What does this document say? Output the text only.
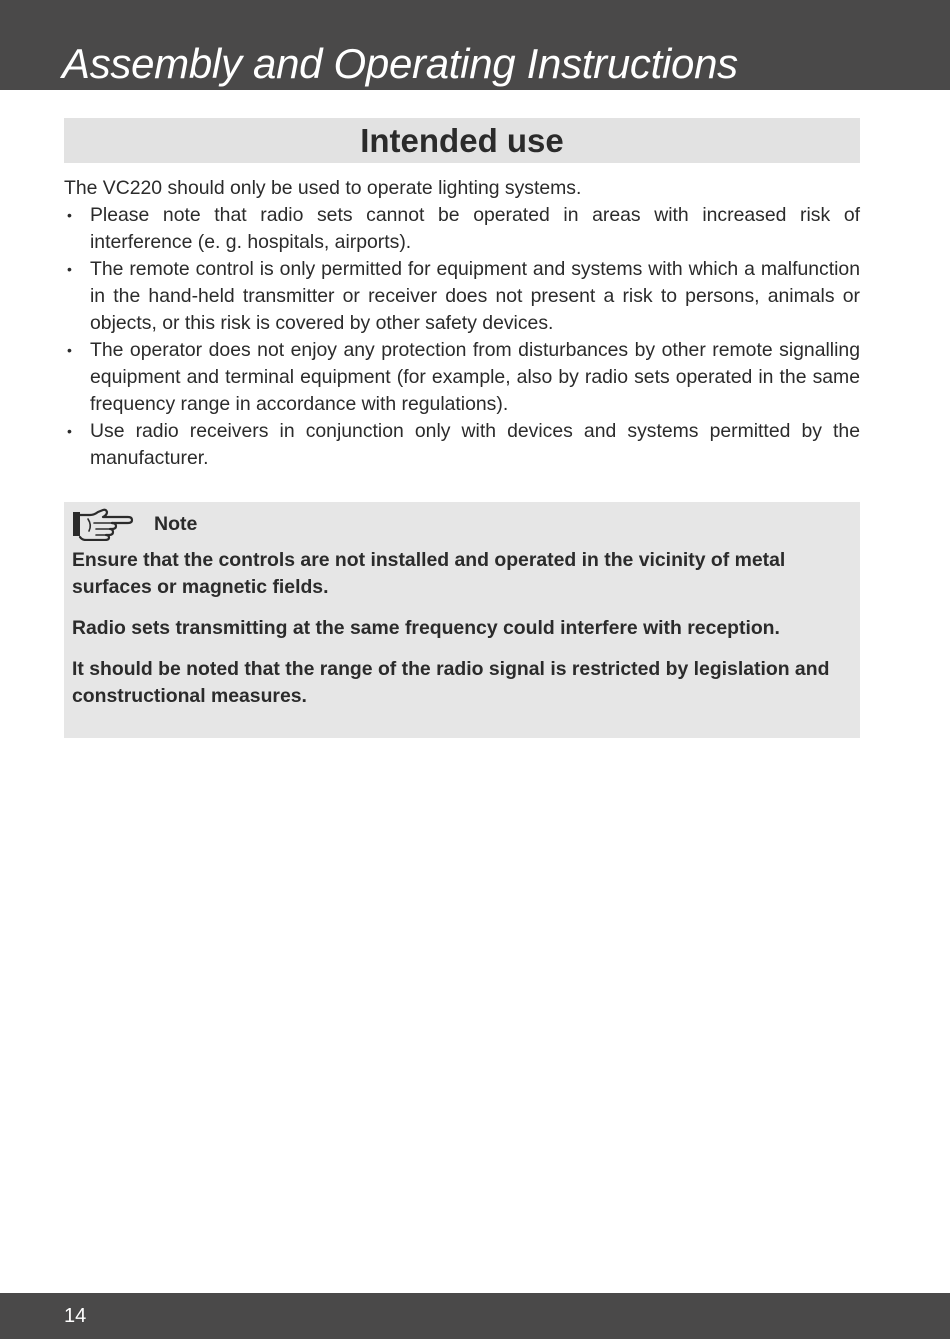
Assembly and Operating Instructions
Intended use

The VC220 should only be used to operate lighting systems.

• Please note that radio sets cannot be operated in areas with increased risk of interference (e. g. hospitals, airports).
• The remote control is only permitted for equipment and systems with which a malfunction in the hand-held transmitter or receiver does not present a risk to persons, animals or objects, or this risk is covered by other safety devices.
• The operator does not enjoy any protection from disturbances by other remote signalling equipment and terminal equipment (for example, also by radio sets operated in the same frequency range in accordance with regulations).
• Use radio receivers in conjunction only with devices and systems permitted by the manufacturer.
Note

Ensure that the controls are not installed and operated in the vicinity of metal surfaces or magnetic fields.

Radio sets transmitting at the same frequency could interfere with reception.

It should be noted that the range of the radio signal is restricted by legislation and constructional measures.

14
